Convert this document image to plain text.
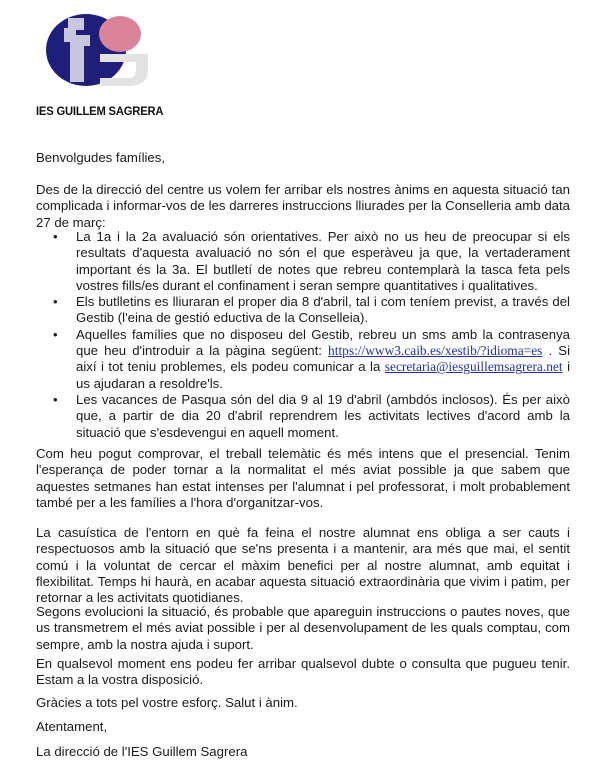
IES GUILLEM SAGRERA

Benvolgudes famílies,

Des de la direcció del centre us volem fer arribar els nostres ànims en aquesta situació tan complicada i informar-vos de les darreres instruccions lliurades per la Conselleria amb data 27 de març:

• La 1a i la 2a avaluació són orientatives. Per això no us heu de preocupar si els resultats d'aquesta avaluació no són el que esperàveu ja que, la vertaderament important és la 3a. El butlletí de notes que rebreu contemplarà la tasca feta pels vostres fills/es durant el confinament i seran sempre quantitatives i qualitatives.
• Els butlletins es lliuraran el proper dia 8 d'abril, tal i com teníem previst, a través del Gestib (l'eina de gestió eductiva de la Conselleia).
• Aquelles famílies que no disposeu del Gestib, rebreu un sms amb la contrasenya que heu d'introduir a la pàgina següent: https://www3.caib.es/xestib/?idioma=es . Si així i tot teniu problemes, els podeu comunicar a la secretaria@iesguillemsagrera.net i us ajudaran a resoldre'ls.
• Les vacances de Pasqua són del dia 9 al 19 d'abril (ambdós inclosos). És per això que, a partir de dia 20 d'abril reprendrem les activitats lectives d'acord amb la situació que s'esdevengui en aquell moment.

Com heu pogut comprovar, el treball telemàtic és més intens que el presencial. Tenim l'esperança de poder tornar a la normalitat el més aviat possible ja que sabem que aquestes setmanes han estat intenses per l'alumnat i pel professorat, i molt probablement també per a les famílies a l'hora d'organitzar-vos.

La casuística de l'entorn en què fa feina el nostre alumnat ens obliga a ser cauts i respectuosos amb la situació que se'ns presenta i a mantenir, ara més que mai, el sentit comú i la voluntat de cercar el màxim benefici per al nostre alumnat, amb equitat i flexibilitat. Temps hi haurà, en acabar aquesta situació extraordinària que vivim i patim, per retornar a les activitats quotidianes.

Segons evolucioni la situació, és probable que apareguin instruccions o pautes noves, que us transmetrem el més aviat possible i per al desenvolupament de les quals comptau, com sempre, amb la nostra ajuda i suport.

En qualsevol moment ens podeu fer arribar qualsevol dubte o consulta que pugueu tenir. Estam a la vostra disposició.

Gràcies a tots pel vostre esforç. Salut i ànim.

Atentament,

La direcció de l'IES Guillem Sagrera
